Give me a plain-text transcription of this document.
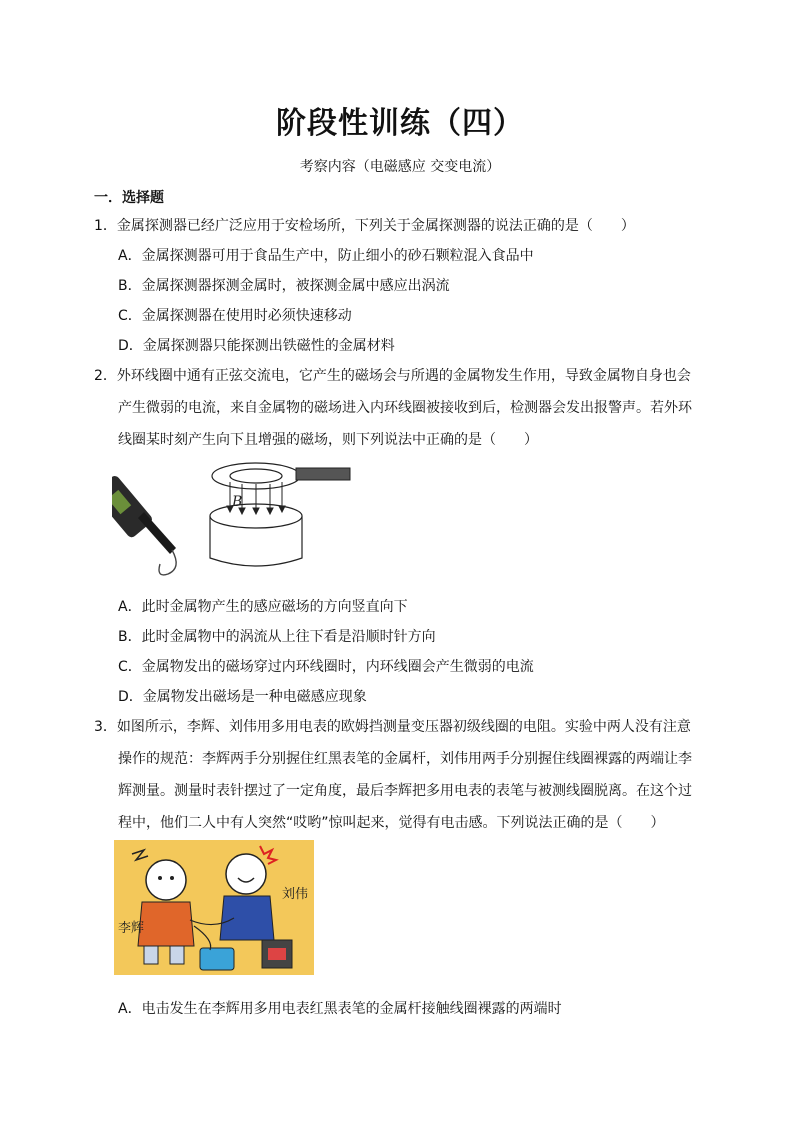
阶段性训练（四）
考察内容（电磁感应 交变电流）
一．选择题
1．金属探测器已经广泛应用于安检场所，下列关于金属探测器的说法正确的是（　　）
A．金属探测器可用于食品生产中，防止细小的砂石颗粒混入食品中
B．金属探测器探测金属时，被探测金属中感应出涡流
C．金属探测器在使用时必须快速移动
D．金属探测器只能探测出铁磁性的金属材料
2．外环线圈中通有正弦交流电，它产生的磁场会与所遇的金属物发生作用，导致金属物自身也会
产生微弱的电流，来自金属物的磁场进入内环线圈被接收到后，检测器会发出报警声。若外环
线圈某时刻产生向下且增强的磁场，则下列说法中正确的是（　　）
B
A．此时金属物产生的感应磁场的方向竖直向下
B．此时金属物中的涡流从上往下看是沿顺时针方向
C．金属物发出的磁场穿过内环线圈时，内环线圈会产生微弱的电流
D．金属物发出磁场是一种电磁感应现象
3．如图所示，李辉、刘伟用多用电表的欧姆挡测量变压器初级线圈的电阻。实验中两人没有注意
操作的规范：李辉两手分别握住红黑表笔的金属杆，刘伟用两手分别握住线圈裸露的两端让李
辉测量。测量时表针摆过了一定角度，最后李辉把多用电表的表笔与被测线圈脱离。在这个过
程中，他们二人中有人突然“哎哟”惊叫起来，觉得有电击感。下列说法正确的是（　　）
李辉
刘伟
A．电击发生在李辉用多用电表红黑表笔的金属杆接触线圈裸露的两端时
